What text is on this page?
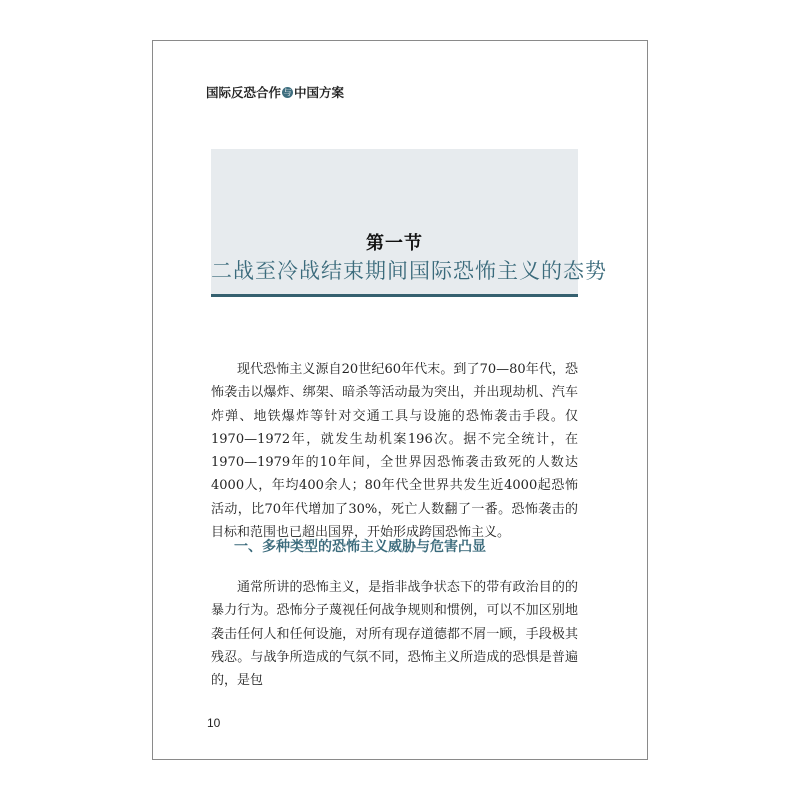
国际反恐合作 与 中国方案
第一节
二战至冷战结束期间国际恐怖主义的态势

现代恐怖主义源自20世纪60年代末。到了70—80年代，恐怖袭击以爆炸、绑架、暗杀等活动最为突出，并出现劫机、汽车炸弹、地铁爆炸等针对交通工具与设施的恐怖袭击手段。仅1970—1972年，就发生劫机案196次。据不完全统计，在1970—1979年的10年间，全世界因恐怖袭击致死的人数达4000人，年均400余人；80年代全世界共发生近4000起恐怖活动，比70年代增加了30%，死亡人数翻了一番。恐怖袭击的目标和范围也已超出国界，开始形成跨国恐怖主义。

一、多种类型的恐怖主义威胁与危害凸显

通常所讲的恐怖主义，是指非战争状态下的带有政治目的的暴力行为。恐怖分子蔑视任何战争规则和惯例，可以不加区别地袭击任何人和任何设施，对所有现存道德都不屑一顾，手段极其残忍。与战争所造成的气氛不同，恐怖主义所造成的恐惧是普遍的，是包

10
